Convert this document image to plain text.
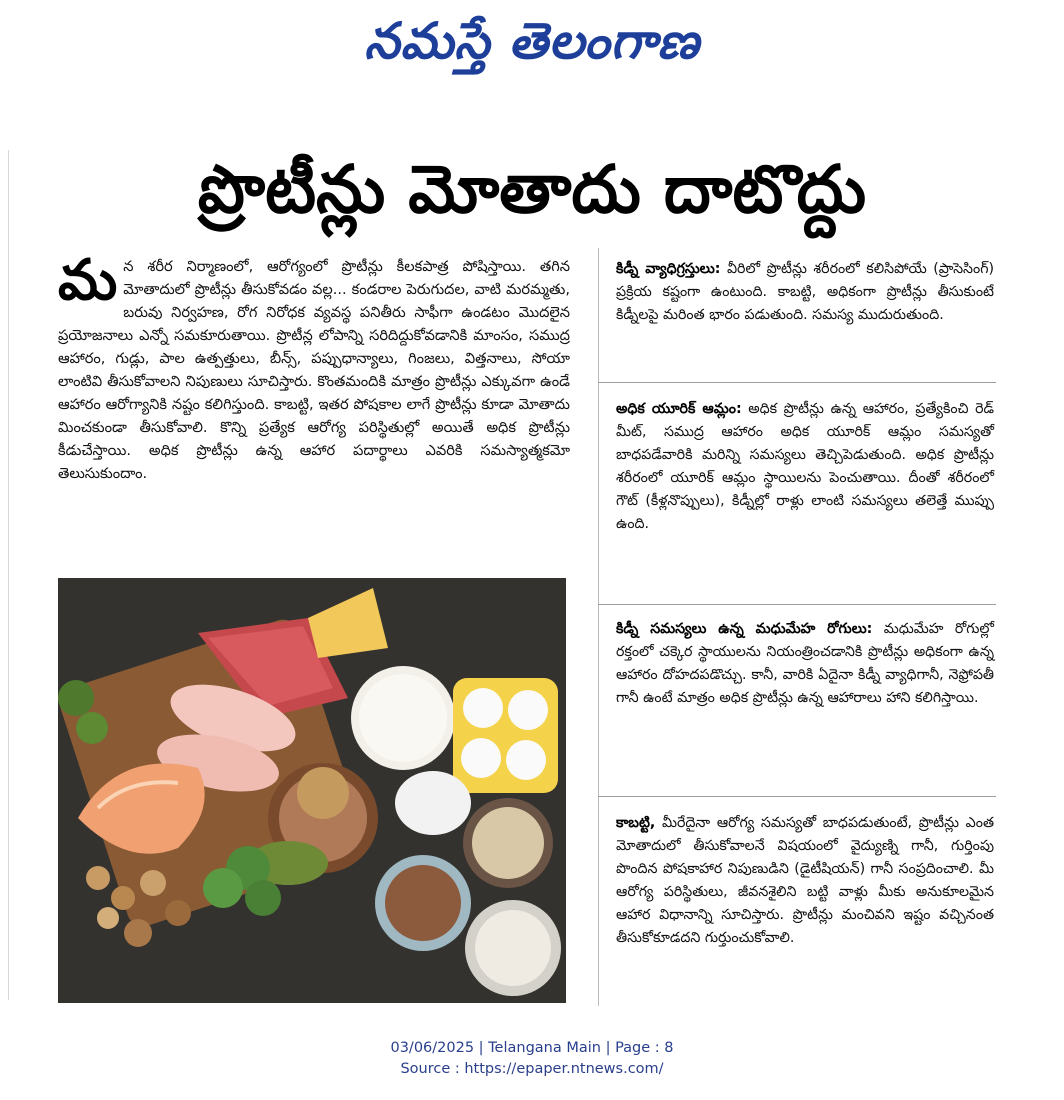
నమస్తే తెలంగాణ
ప్రొటీన్లు మోతాదు దాటొద్దు

మన శరీర నిర్మాణంలో, ఆరోగ్యంలో ప్రొటీన్లు కీలకపాత్ర పోషిస్తాయి. తగిన మోతాదులో ప్రొటీన్లు తీసుకోవడం వల్ల... కండరాల పెరుగుదల, వాటి మరమ్మతు, బరువు నిర్వహణ, రోగ నిరోధక వ్యవస్థ పనితీరు సాఫీగా ఉండటం మొదలైన ప్రయోజనాలు ఎన్నో సమకూరుతాయి. ప్రొటీన్ల లోపాన్ని సరిదిద్దుకోవడానికి మాంసం, సముద్ర ఆహారం, గుడ్లు, పాల ఉత్పత్తులు, బీన్స్, పప్పుధాన్యాలు, గింజలు, విత్తనాలు, సోయా లాంటివి తీసుకోవాలని నిపుణులు సూచిస్తారు. కొంతమందికి మాత్రం ప్రొటీన్లు ఎక్కువగా ఉండే ఆహారం ఆరోగ్యానికి నష్టం కలిగిస్తుంది. కాబట్టి, ఇతర పోషకాల లాగే ప్రొటీన్లు కూడా మోతాదు మించకుండా తీసుకోవాలి. కొన్ని ప్రత్యేక ఆరోగ్య పరిస్థితుల్లో అయితే అధిక ప్రొటీన్లు కీడుచేస్తాయి. అధిక ప్రొటీన్లు ఉన్న ఆహార పదార్థాలు ఎవరికి సమస్యాత్మకమో తెలుసుకుందాం.

కిడ్నీ వ్యాధిగ్రస్తులు: వీరిలో ప్రొటీన్లు శరీరంలో కలిసిపోయే (ప్రాసెసింగ్) ప్రక్రియ కష్టంగా ఉంటుంది. కాబట్టి, అధికంగా ప్రొటీన్లు తీసుకుంటే కిడ్నీలపై మరింత భారం పడుతుంది. సమస్య ముదురుతుంది.

అధిక యూరిక్ ఆమ్లం: అధిక ప్రొటీన్లు ఉన్న ఆహారం, ప్రత్యేకించి రెడ్ మీట్, సముద్ర ఆహారం అధిక యూరిక్ ఆమ్లం సమస్యతో బాధపడేవారికి మరిన్ని సమస్యలు తెచ్చిపెడుతుంది. అధిక ప్రొటీన్లు శరీరంలో యూరిక్ ఆమ్లం స్థాయిలను పెంచుతాయి. దీంతో శరీరంలో గౌట్ (కీళ్లనొప్పులు), కిడ్నీల్లో రాళ్లు లాంటి సమస్యలు తలెత్తే ముప్పు ఉంది.

కిడ్నీ సమస్యలు ఉన్న మధుమేహ రోగులు: మధుమేహ రోగుల్లో రక్తంలో చక్కెర స్థాయులను నియంత్రించడానికి ప్రొటీన్లు అధికంగా ఉన్న ఆహారం దోహదపడొచ్చు. కానీ, వారికి ఏదైనా కిడ్నీ వ్యాధిగానీ, నెఫ్రోపతీ గానీ ఉంటే మాత్రం అధిక ప్రొటీన్లు ఉన్న ఆహారాలు హాని కలిగిస్తాయి.

కాబట్టి, మీరేదైనా ఆరోగ్య సమస్యతో బాధపడుతుంటే, ప్రొటీన్లు ఎంత మోతాదులో తీసుకోవాలనే విషయంలో వైద్యుణ్ని గానీ, గుర్తింపు పొందిన పోషకాహార నిపుణుడిని (డైటీషియన్) గానీ సంప్రదించాలి. మీ ఆరోగ్య పరిస్థితులు, జీవనశైలిని బట్టి వాళ్లు మీకు అనుకూలమైన ఆహార విధానాన్ని సూచిస్తారు. ప్రొటీన్లు మంచివని ఇష్టం వచ్చినంత తీసుకోకూడదని గుర్తుంచుకోవాలి.

03/06/2025 | Telangana Main | Page : 8
Source : https://epaper.ntnews.com/
